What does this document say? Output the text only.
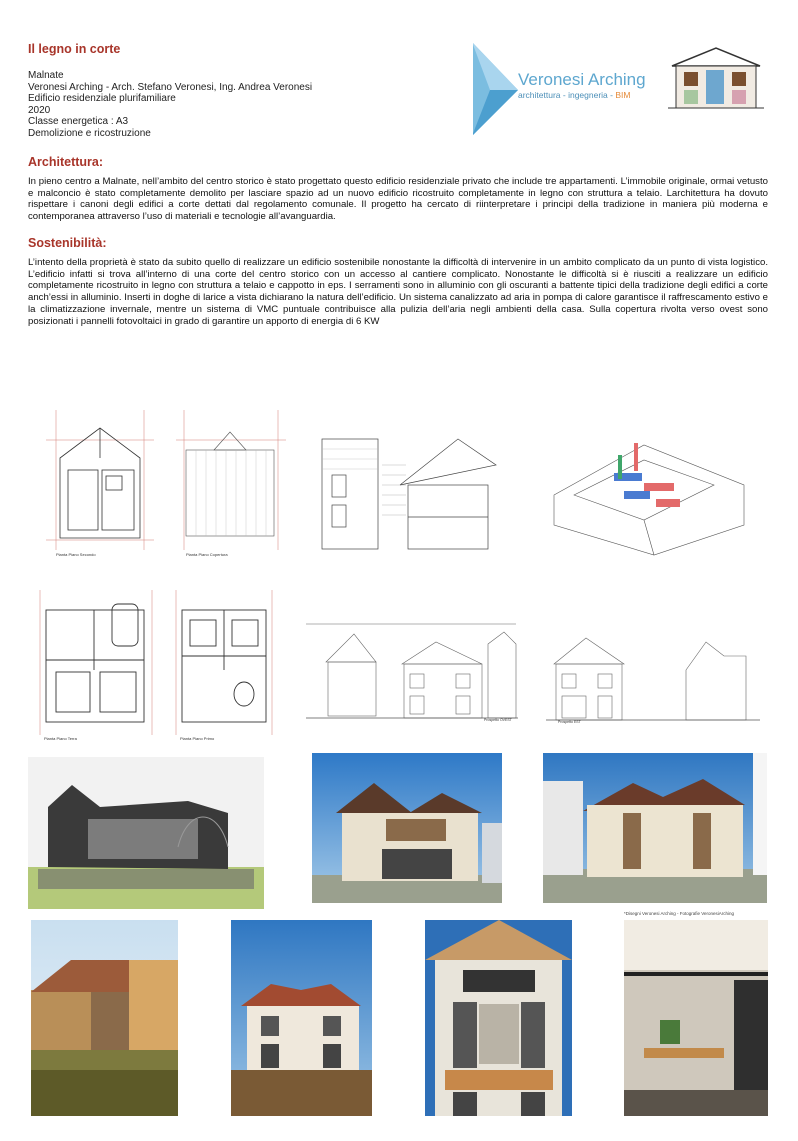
Il legno in corte
Malnate
Veronesi Arching - Arch. Stefano Veronesi, Ing. Andrea Veronesi
Edificio residenziale plurifamiliare
2020
Classe energetica : A3
Demolizione e ricostruzione
Veronesi Arching
architettura - ingegneria - BIM
Architettura:
In pieno centro a Malnate, nell’ambito del centro storico è stato progettato questo edificio residenziale privato che include tre appartamenti. L’immobile originale, ormai vetusto e malconcio è stato completamente demolito per lasciare spazio ad un nuovo edificio ricostruito completamente in legno con struttura a telaio. Larchitettura ha dovuto rispettare i canoni degli edifici a corte dettati dal regolamento comunale. Il progetto ha cercato di riinterpretare i principi della tradizione in maniera più moderna e contemporanea attraverso l’uso di materiali e tecnologie all’avanguardia.
Sostenibilità:
L’intento della proprietà è stato da subito quello di realizzare un edificio sostenibile nonostante la difficoltà di intervenire in un ambito complicato da un punto di vista logistico. L’edificio infatti si trova all’interno di una corte del centro storico con un accesso al cantiere complicato. Nonostante le difficoltà si è riusciti a realizzare un edificio completamente ricostruito in legno con struttura a telaio e cappotto in eps. I serramenti sono in alluminio con gli oscuranti a battente tipici della tradizione degli edifici a corte anch’essi in alluminio. Inserti in doghe di larice a vista dichiarano la natura dell’edificio. Un sistema canalizzato ad aria in pompa di calore garantisce il raffrescamento estivo e la climatizzazione invernale, mentre un sistema di VMC puntuale contribuisce alla pulizia dell’aria negli ambienti della casa. Sulla copertura rivolta verso ovest sono posizionati i pannelli fotovoltaici in grado di garantire un apporto di energia di 6 KW
Pianta Piano Secondo	Pianta Piano Copertura
Pianta Piano Terra	Pianta Piano Primo
Prospetto OVEST	Prospetto EST
*Disegni Veronesi Arching - Fotografie VeronesiArching
